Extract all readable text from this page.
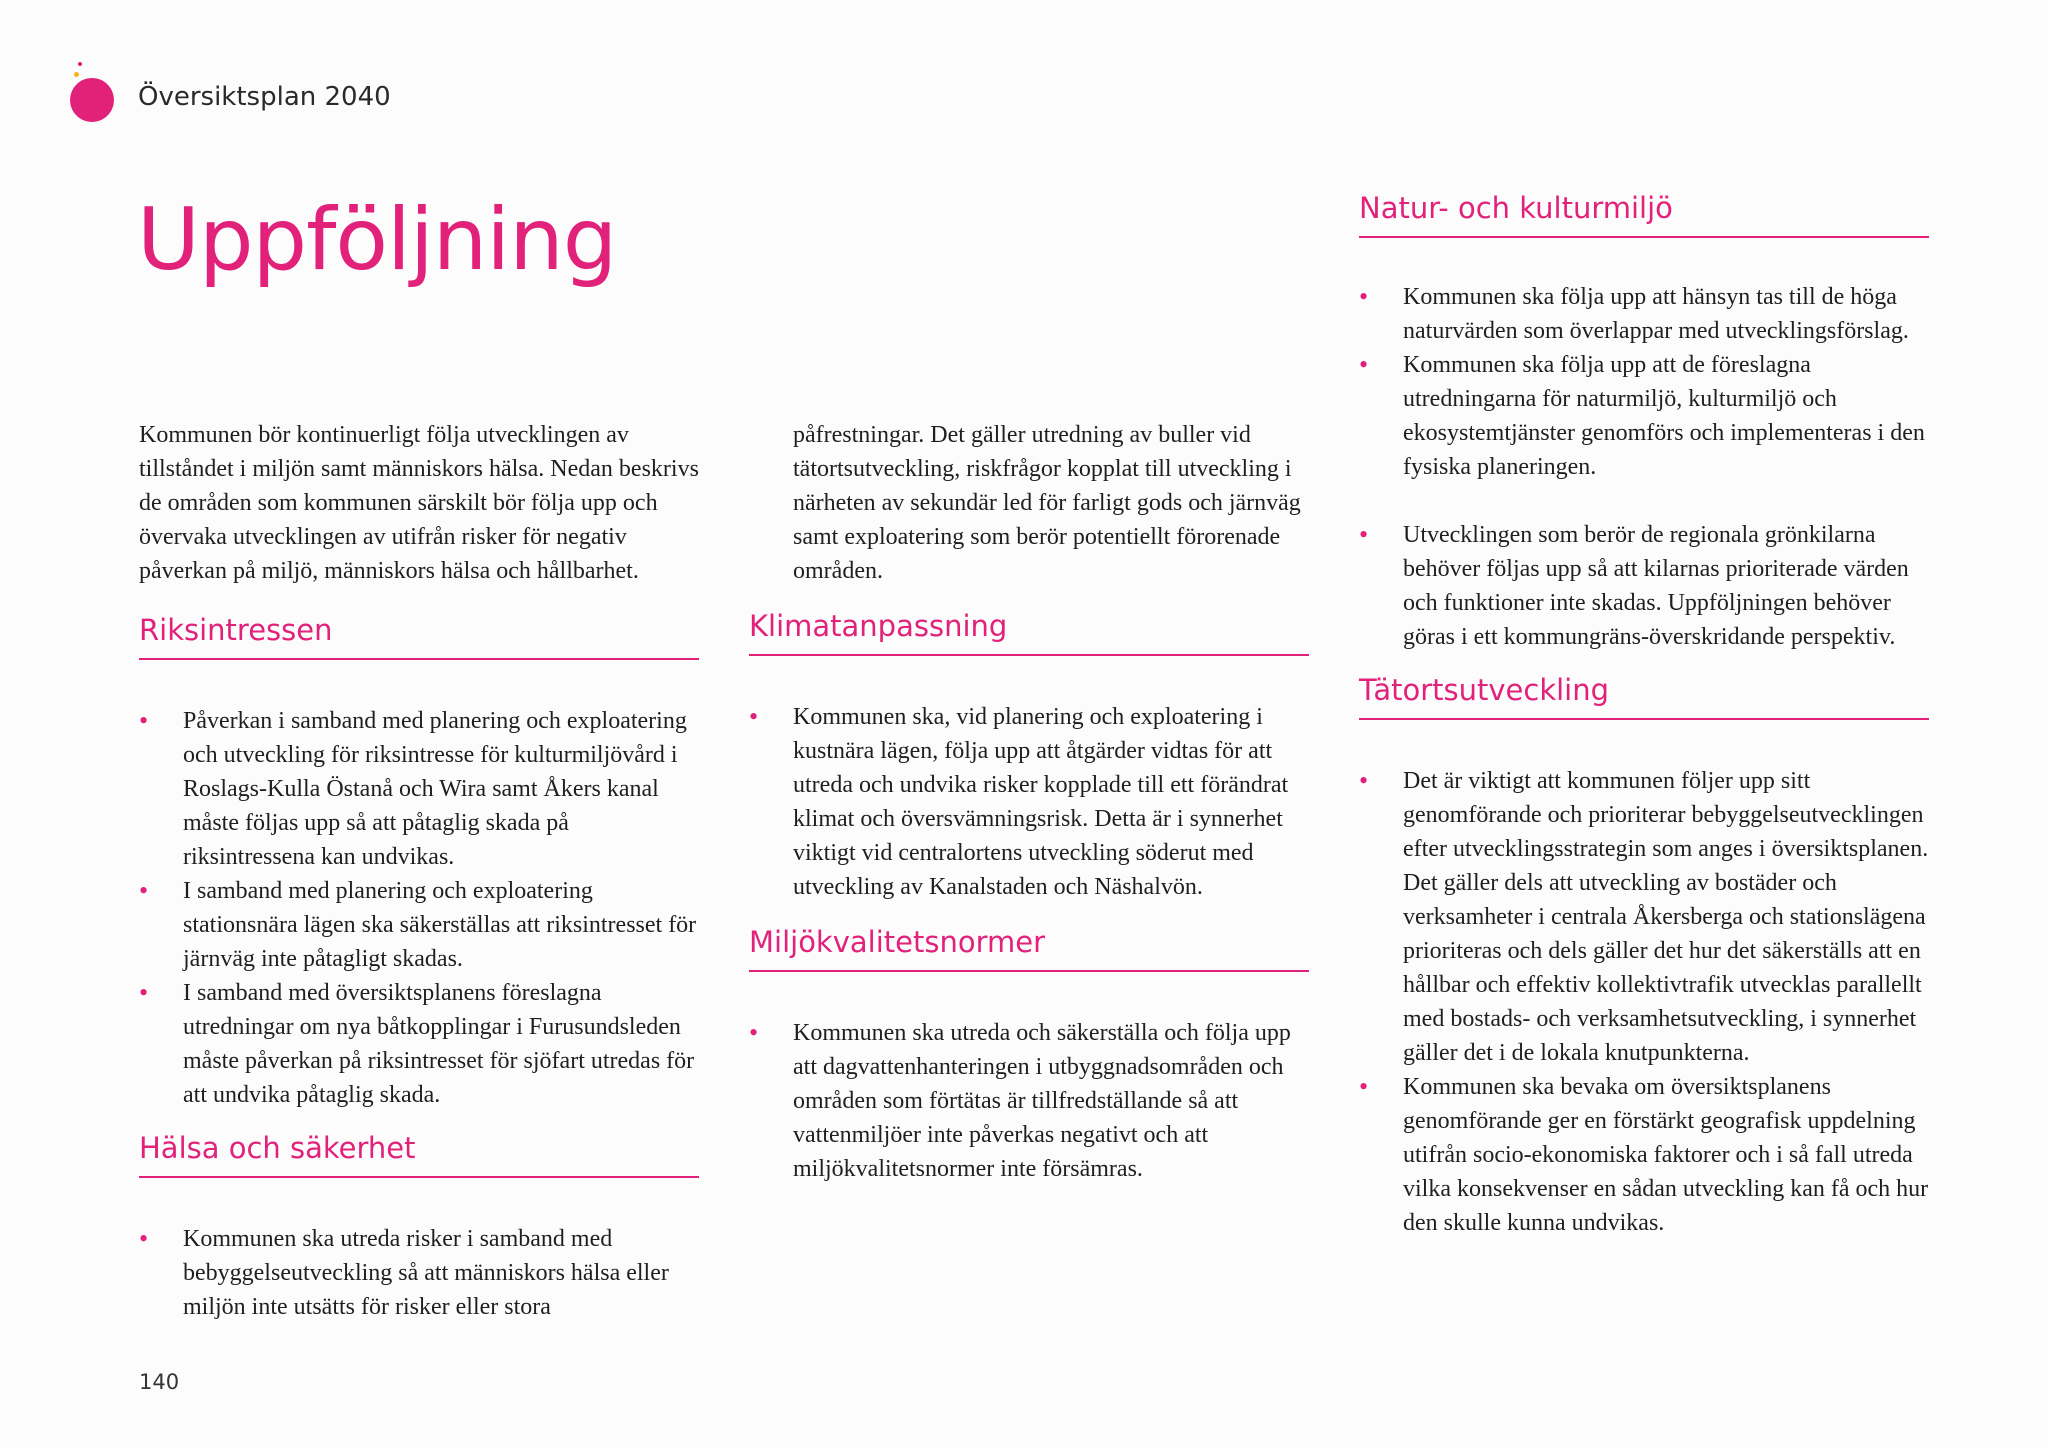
Översiktsplan 2040
Uppföljning

Kommunen bör kontinuerligt följa utvecklingen av tillståndet i miljön samt människors hälsa. Nedan beskrivs de områden som kommunen särskilt bör följa upp och övervaka utvecklingen av utifrån risker för negativ påverkan på miljö, människors hälsa och hållbarhet.

Riksintressen
• Påverkan i samband med planering och exploatering och utveckling för riksintresse för kulturmiljövård i Roslags-Kulla Östanå och Wira samt Åkers kanal måste följas upp så att påtaglig skada på riksintressena kan undvikas.
• I samband med planering och exploatering stationsnära lägen ska säkerställas att riksintresset för järnväg inte påtagligt skadas.
• I samband med översiktsplanens föreslagna utredningar om nya båtkopplingar i Furusundsleden måste påverkan på riksintresset för sjöfart utredas för att undvika påtaglig skada.
Hälsa och säkerhet
• Kommunen ska utreda risker i samband med bebyggelseutveckling så att människors hälsa eller miljön inte utsätts för risker eller stora

påfrestningar. Det gäller utredning av buller vid tätortsutveckling, riskfrågor kopplat till utveckling i närheten av sekundär led för farligt gods och järnväg samt exploatering som berör potentiellt förorenade områden.

Klimatanpassning
• Kommunen ska, vid planering och exploatering i kustnära lägen, följa upp att åtgärder vidtas för att utreda och undvika risker kopplade till ett förändrat klimat och översvämningsrisk. Detta är i synnerhet viktigt vid centralortens utveckling söderut med utveckling av Kanalstaden och Näshalvön.
Miljökvalitetsnormer
• Kommunen ska utreda och säkerställa och följa upp att dagvattenhanteringen i utbyggnadsområden och områden som förtätas är tillfredställande så att vattenmiljöer inte påverkas negativt och att miljökvalitetsnormer inte försämras.
Natur- och kulturmiljö
• Kommunen ska följa upp att hänsyn tas till de höga naturvärden som överlappar med utvecklingsförslag.
• Kommunen ska följa upp att de föreslagna utredningarna för naturmiljö, kulturmiljö och ekosystemtjänster genomförs och implementeras i den fysiska planeringen.
• Utvecklingen som berör de regionala grönkilarna behöver följas upp så att kilarnas prioriterade värden och funktioner inte skadas. Uppföljningen behöver göras i ett kommungräns-överskridande perspektiv.
Tätortsutveckling
• Det är viktigt att kommunen följer upp sitt genomförande och prioriterar bebyggelseutvecklingen efter utvecklingsstrategin som anges i översiktsplanen. Det gäller dels att utveckling av bostäder och verksamheter i centrala Åkersberga och stationslägena prioriteras och dels gäller det hur det säkerställs att en hållbar och effektiv kollektivtrafik utvecklas parallellt med bostads- och verksamhetsutveckling, i synnerhet gäller det i de lokala knutpunkterna.
• Kommunen ska bevaka om översiktsplanens genomförande ger en förstärkt geografisk uppdelning utifrån socio-ekonomiska faktorer och i så fall utreda vilka konsekvenser en sådan utveckling kan få och hur den skulle kunna undvikas.
140
